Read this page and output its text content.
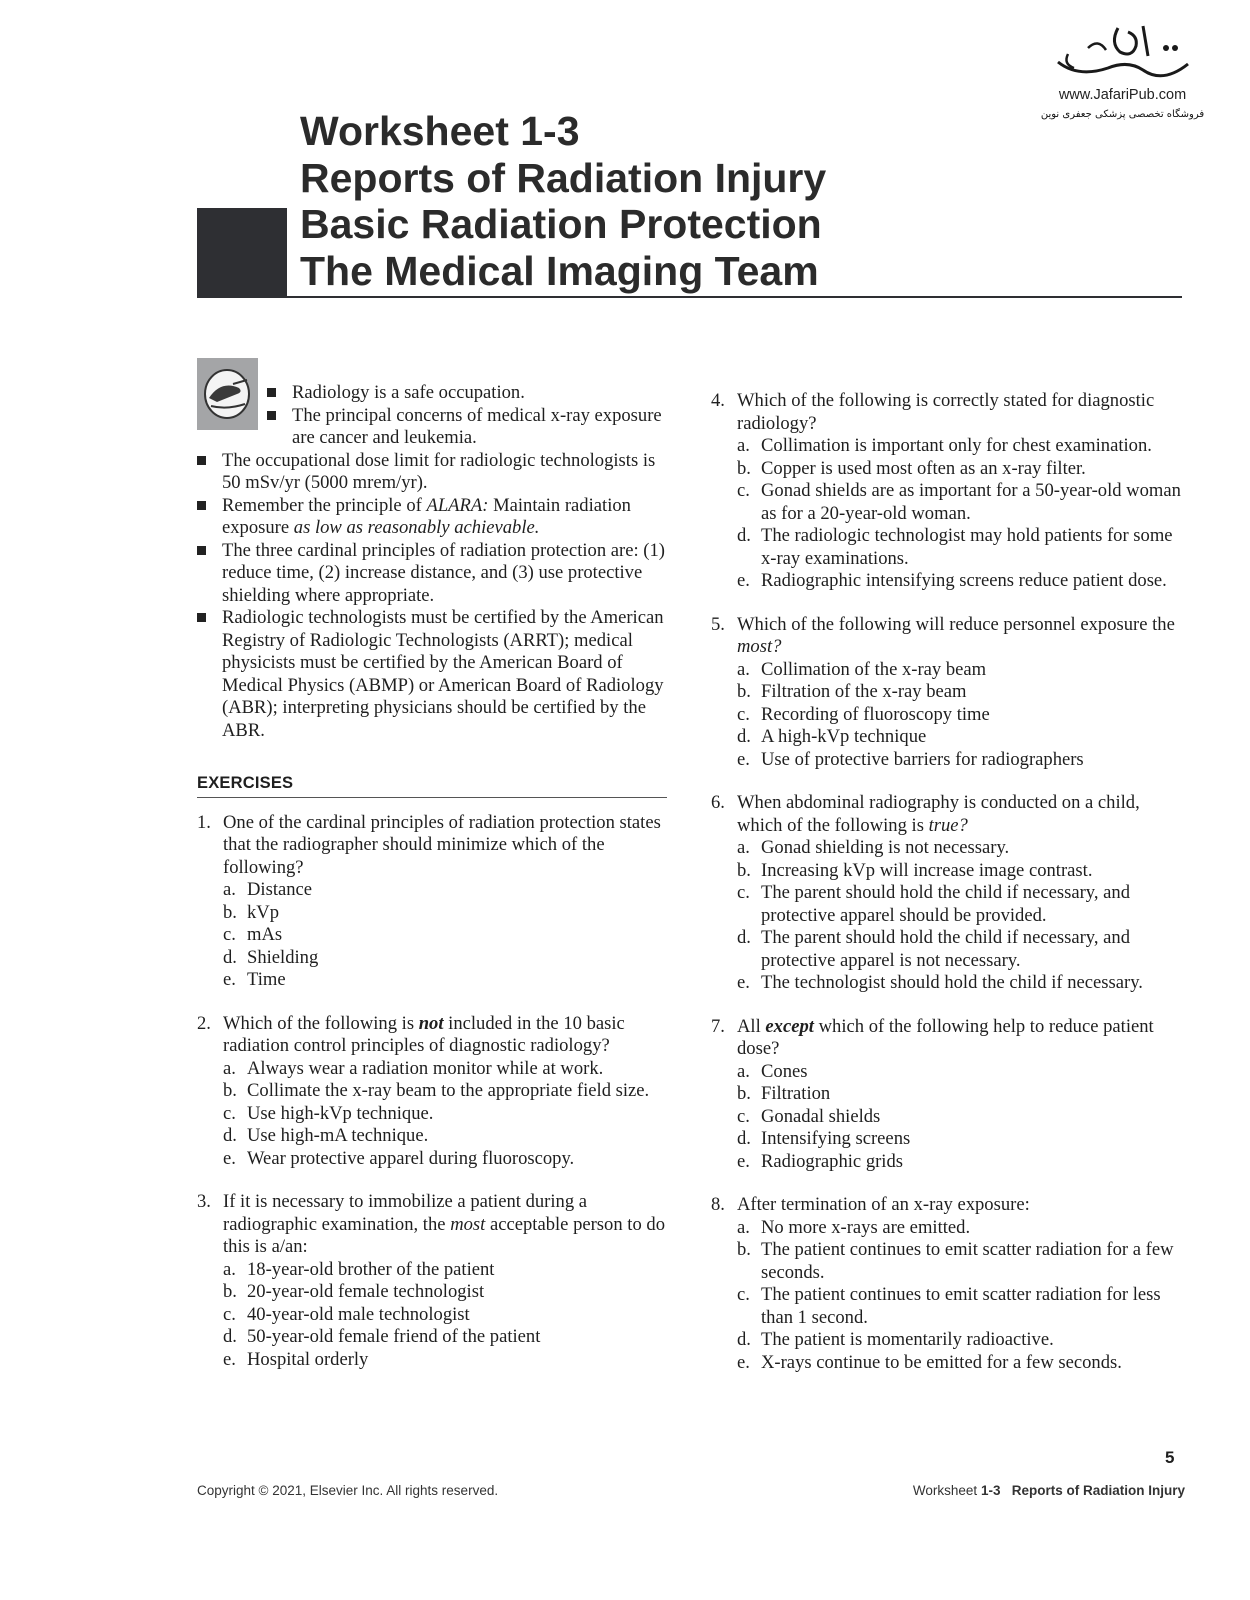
www.JafariPub.com
فروشگاه تخصصی پزشکی جعفری نوین
Worksheet 1-3
Reports of Radiation Injury
Basic Radiation Protection
The Medical Imaging Team
Radiology is a safe occupation.
The principal concerns of medical x-ray exposure are cancer and leukemia.
The occupational dose limit for radiologic technologists is 50 mSv/yr (5000 mrem/yr).
Remember the principle of ALARA: Maintain radiation exposure as low as reasonably achievable.
The three cardinal principles of radiation protection are: (1) reduce time, (2) increase distance, and (3) use protective shielding where appropriate.
Radiologic technologists must be certified by the American Registry of Radiologic Technologists (ARRT); medical physicists must be certified by the American Board of Medical Physics (ABMP) or American Board of Radiology (ABR); interpreting physicians should be certified by the ABR.
EXERCISES
1. One of the cardinal principles of radiation protection states that the radiographer should minimize which of the following?
a. Distance
b. kVp
c. mAs
d. Shielding
e. Time
2. Which of the following is not included in the 10 basic radiation control principles of diagnostic radiology?
a. Always wear a radiation monitor while at work.
b. Collimate the x-ray beam to the appropriate field size.
c. Use high-kVp technique.
d. Use high-mA technique.
e. Wear protective apparel during fluoroscopy.
3. If it is necessary to immobilize a patient during a radiographic examination, the most acceptable person to do this is a/an:
a. 18-year-old brother of the patient
b. 20-year-old female technologist
c. 40-year-old male technologist
d. 50-year-old female friend of the patient
e. Hospital orderly
4. Which of the following is correctly stated for diagnostic radiology?
a. Collimation is important only for chest examination.
b. Copper is used most often as an x-ray filter.
c. Gonad shields are as important for a 50-year-old woman as for a 20-year-old woman.
d. The radiologic technologist may hold patients for some x-ray examinations.
e. Radiographic intensifying screens reduce patient dose.
5. Which of the following will reduce personnel exposure the most?
a. Collimation of the x-ray beam
b. Filtration of the x-ray beam
c. Recording of fluoroscopy time
d. A high-kVp technique
e. Use of protective barriers for radiographers
6. When abdominal radiography is conducted on a child, which of the following is true?
a. Gonad shielding is not necessary.
b. Increasing kVp will increase image contrast.
c. The parent should hold the child if necessary, and protective apparel should be provided.
d. The parent should hold the child if necessary, and protective apparel is not necessary.
e. The technologist should hold the child if necessary.
7. All except which of the following help to reduce patient dose?
a. Cones
b. Filtration
c. Gonadal shields
d. Intensifying screens
e. Radiographic grids
8. After termination of an x-ray exposure:
a. No more x-rays are emitted.
b. The patient continues to emit scatter radiation for a few seconds.
c. The patient continues to emit scatter radiation for less than 1 second.
d. The patient is momentarily radioactive.
e. X-rays continue to be emitted for a few seconds.
5
Copyright © 2021, Elsevier Inc. All rights reserved.	Worksheet 1-3 Reports of Radiation Injury
